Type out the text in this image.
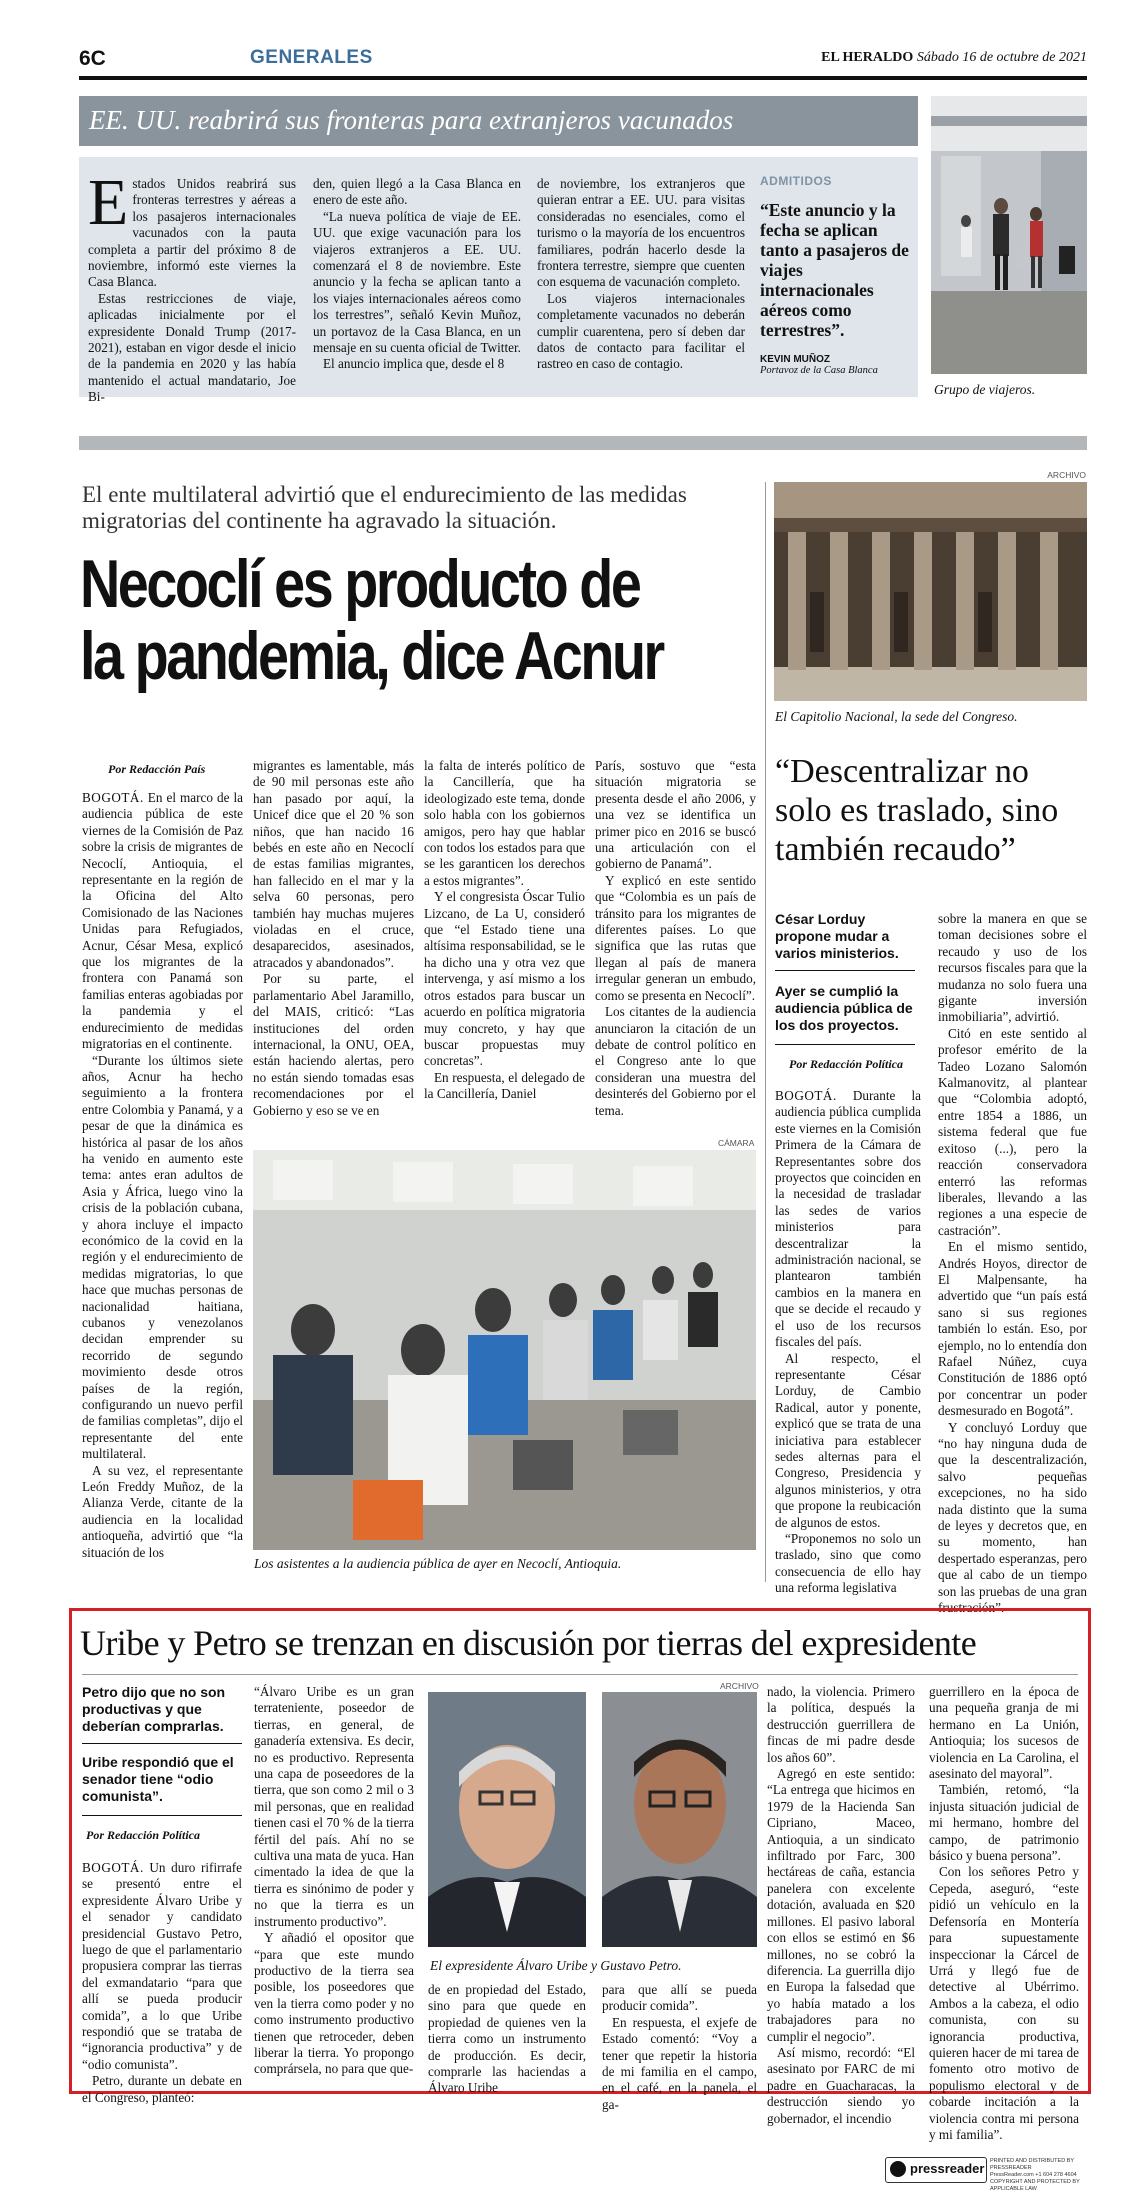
6C	GENERALES	EL HERALDO Sábado 16 de octubre de 2021
EE. UU. reabrirá sus fronteras para extranjeros vacunados
E stados Unidos reabrirá sus fronteras terrestres y aéreas a los pasajeros internacionales vacunados con la pauta completa a partir del próximo 8 de noviembre, informó este viernes la Casa Blanca.

Estas restricciones de viaje, aplicadas inicialmente por el expresidente Donald Trump (2017-2021), estaban en vigor desde el inicio de la pandemia en 2020 y las había mantenido el actual mandatario, Joe Bi-

den, quien llegó a la Casa Blanca en enero de este año.

“La nueva política de viaje de EE. UU. que exige vacunación para los viajeros extranjeros a EE. UU. comenzará el 8 de noviembre. Este anuncio y la fecha se aplican tanto a los viajes internacionales aéreos como los terrestres”, señaló Kevin Muñoz, un portavoz de la Casa Blanca, en un mensaje en su cuenta oficial de Twitter.

El anuncio implica que, desde el 8

de noviembre, los extranjeros que quieran entrar a EE. UU. para visitas consideradas no esenciales, como el turismo o la mayoría de los encuentros familiares, podrán hacerlo desde la frontera terrestre, siempre que cuenten con esquema de vacunación completo.

Los viajeros internacionales completamente vacunados no deberán cumplir cuarentena, pero sí deben dar datos de contacto para facilitar el rastreo en caso de contagio.

ADMITIDOS
“Este anuncio y la fecha se aplican tanto a pasajeros de viajes internacionales aéreos como terrestres”.
KEVIN MUÑOZ
Portavoz de la Casa Blanca
Grupo de viajeros.
El ente multilateral advirtió que el endurecimiento de las medidas migratorias del continente ha agravado la situación.
Necoclí es producto de
la pandemia, dice Acnur
ARCHIVO
El Capitolio Nacional, la sede del Congreso.
Por Redacción País

BOGOTÁ. En el marco de la audiencia pública de este viernes de la Comisión de Paz sobre la crisis de migrantes de Necoclí, Antioquia, el representante en la región de la Oficina del Alto Comisionado de las Naciones Unidas para Refugiados, Acnur, César Mesa, explicó que los migrantes de la frontera con Panamá son familias enteras agobiadas por la pandemia y el endurecimiento de medidas migratorias en el continente.

“Durante los últimos siete años, Acnur ha hecho seguimiento a la frontera entre Colombia y Panamá, y a pesar de que la dinámica es histórica al pasar de los años ha venido en aumento este tema: antes eran adultos de Asia y África, luego vino la crisis de la población cubana, y ahora incluye el impacto económico de la covid en la región y el endurecimiento de medidas migratorias, lo que hace que muchas personas de nacionalidad haitiana, cubanos y venezolanos decidan emprender su recorrido de segundo movimiento desde otros países de la región, configurando un nuevo perfil de familias completas”, dijo el representante del ente multilateral.

A su vez, el representante León Freddy Muñoz, de la Alianza Verde, citante de la audiencia en la localidad antioqueña, advirtió que “la situación de los

migrantes es lamentable, más de 90 mil personas este año han pasado por aquí, la Unicef dice que el 20 % son niños, que han nacido 16 bebés en este año en Necoclí de estas familias migrantes, han fallecido en el mar y la selva 60 personas, pero también hay muchas mujeres violadas en el cruce, desaparecidos, asesinados, atracados y abandonados”.

Por su parte, el parlamentario Abel Jaramillo, del MAIS, criticó: “Las instituciones del orden internacional, la ONU, OEA, están haciendo alertas, pero no están siendo tomadas esas recomendaciones por el Gobierno y eso se ve en

la falta de interés político de la Cancillería, que ha ideologizado este tema, donde solo habla con los gobiernos amigos, pero hay que hablar con todos los estados para que se les garanticen los derechos a estos migrantes”.

Y el congresista Óscar Tulio Lizcano, de La U, consideró que “el Estado tiene una altísima responsabilidad, se le ha dicho una y otra vez que intervenga, y así mismo a los otros estados para buscar un acuerdo en política migratoria muy concreto, y hay que buscar propuestas muy concretas”.

En respuesta, el delegado de la Cancillería, Daniel

París, sostuvo que “esta situación migratoria se presenta desde el año 2006, y una vez se identifica un primer pico en 2016 se buscó una articulación con el gobierno de Panamá”.

Y explicó en este sentido que “Colombia es un país de tránsito para los migrantes de diferentes países. Lo que significa que las rutas que llegan al país de manera irregular generan un embudo, como se presenta en Necoclí”.

Los citantes de la audiencia anunciaron la citación de un debate de control político en el Congreso ante lo que consideran una muestra del desinterés del Gobierno por el tema.

CÁMARA
Los asistentes a la audiencia pública de ayer en Necoclí, Antioquia.
“Descentralizar no solo es traslado, sino también recaudo”
César Lorduy propone mudar a varios ministerios.
Ayer se cumplió la audiencia pública de los dos proyectos.
Por Redacción Política

BOGOTÁ. Durante la audiencia pública cumplida este viernes en la Comisión Primera de la Cámara de Representantes sobre dos proyectos que coinciden en la necesidad de trasladar las sedes de varios ministerios para descentralizar la administración nacional, se plantearon también cambios en la manera en que se decide el recaudo y el uso de los recursos fiscales del país.

Al respecto, el representante César Lorduy, de Cambio Radical, autor y ponente, explicó que se trata de una iniciativa para establecer sedes alternas para el Congreso, Presidencia y algunos ministerios, y otra que propone la reubicación de algunos de estos.

“Proponemos no solo un traslado, sino que como consecuencia de ello hay una reforma legislativa

sobre la manera en que se toman decisiones sobre el recaudo y uso de los recursos fiscales para que la mudanza no solo fuera una gigante inversión inmobiliaria”, advirtió.

Citó en este sentido al profesor emérito de la Tadeo Lozano Salomón Kalmanovitz, al plantear que “Colombia adoptó, entre 1854 a 1886, un sistema federal que fue exitoso (...), pero la reacción conservadora enterró las reformas liberales, llevando a las regiones a una especie de castración”.

En el mismo sentido, Andrés Hoyos, director de El Malpensante, ha advertido que “un país está sano si sus regiones también lo están. Eso, por ejemplo, no lo entendía don Rafael Núñez, cuya Constitución de 1886 optó por concentrar un poder desmesurado en Bogotá”.

Y concluyó Lorduy que “no hay ninguna duda de que la descentralización, salvo pequeñas excepciones, no ha sido nada distinto que la suma de leyes y decretos que, en su momento, han despertado esperanzas, pero que al cabo de un tiempo son las pruebas de una gran frustración”.

Uribe y Petro se trenzan en discusión por tierras del expresidente
Petro dijo que no son productivas y que deberían comprarlas.
Uribe respondió que el senador tiene “odio comunista”.
Por Redacción Política

BOGOTÁ. Un duro rifirrafe se presentó entre el expresidente Álvaro Uribe y el senador y candidato presidencial Gustavo Petro, luego de que el parlamentario propusiera comprar las tierras del exmandatario “para que allí se pueda producir comida”, a lo que Uribe respondió que se trataba de “ignorancia productiva” y de “odio comunista”.

Petro, durante un debate en el Congreso, planteó:

“Álvaro Uribe es un gran terrateniente, poseedor de tierras, en general, de ganadería extensiva. Es decir, no es productivo. Representa una capa de poseedores de la tierra, que son como 2 mil o 3 mil personas, que en realidad tienen casi el 70 % de la tierra fértil del país. Ahí no se cultiva una mata de yuca. Han cimentado la idea de que la tierra es sinónimo de poder y no que la tierra es un instrumento productivo”.

Y añadió el opositor que “para que este mundo productivo de la tierra sea posible, los poseedores que ven la tierra como poder y no como instrumento productivo tienen que retroceder, deben liberar la tierra. Yo propongo comprársela, no para que que-

ARCHIVO
El expresidente Álvaro Uribe y Gustavo Petro.

de en propiedad del Estado, sino para que quede en propiedad de quienes ven la tierra como un instrumento de producción. Es decir, comprarle las haciendas a Álvaro Uribe

para que allí se pueda producir comida”.

En respuesta, el exjefe de Estado comentó: “Voy a tener que repetir la historia de mi familia en el campo, en el café, en la panela, el ga-

nado, la violencia. Primero la política, después la destrucción guerrillera de fincas de mi padre desde los años 60”.

Agregó en este sentido: “La entrega que hicimos en 1979 de la Hacienda San Cipriano, Maceo, Antioquia, a un sindicato infiltrado por Farc, 300 hectáreas de caña, estancia panelera con excelente dotación, avaluada en $20 millones. El pasivo laboral con ellos se estimó en $6 millones, no se cobró la diferencia. La guerrilla dijo en Europa la falsedad que yo había matado a los trabajadores para no cumplir el negocio”.

Así mismo, recordó: “El asesinato por FARC de mi padre en Guacharacas, la destrucción siendo yo gobernador, el incendio

guerrillero en la época de una pequeña granja de mi hermano en La Unión, Antioquia; los sucesos de violencia en La Carolina, el asesinato del mayoral”.

También, retomó, “la injusta situación judicial de mi hermano, hombre del campo, de patrimonio básico y buena persona”.

Con los señores Petro y Cepeda, aseguró, “este pidió un vehículo en la Defensoría en Montería para supuestamente inspeccionar la Cárcel de Urrá y llegó fue de detective al Ubérrimo. Ambos a la cabeza, el odio comunista, con su ignorancia productiva, quieren hacer de mi tarea de fomento otro motivo de populismo electoral y de cobarde incitación a la violencia contra mi persona y mi familia”.

pressreader PRINTED AND DISTRIBUTED BY PRESSREADER
PressReader.com +1 604 278 4604
COPYRIGHT AND PROTECTED BY APPLICABLE LAW
